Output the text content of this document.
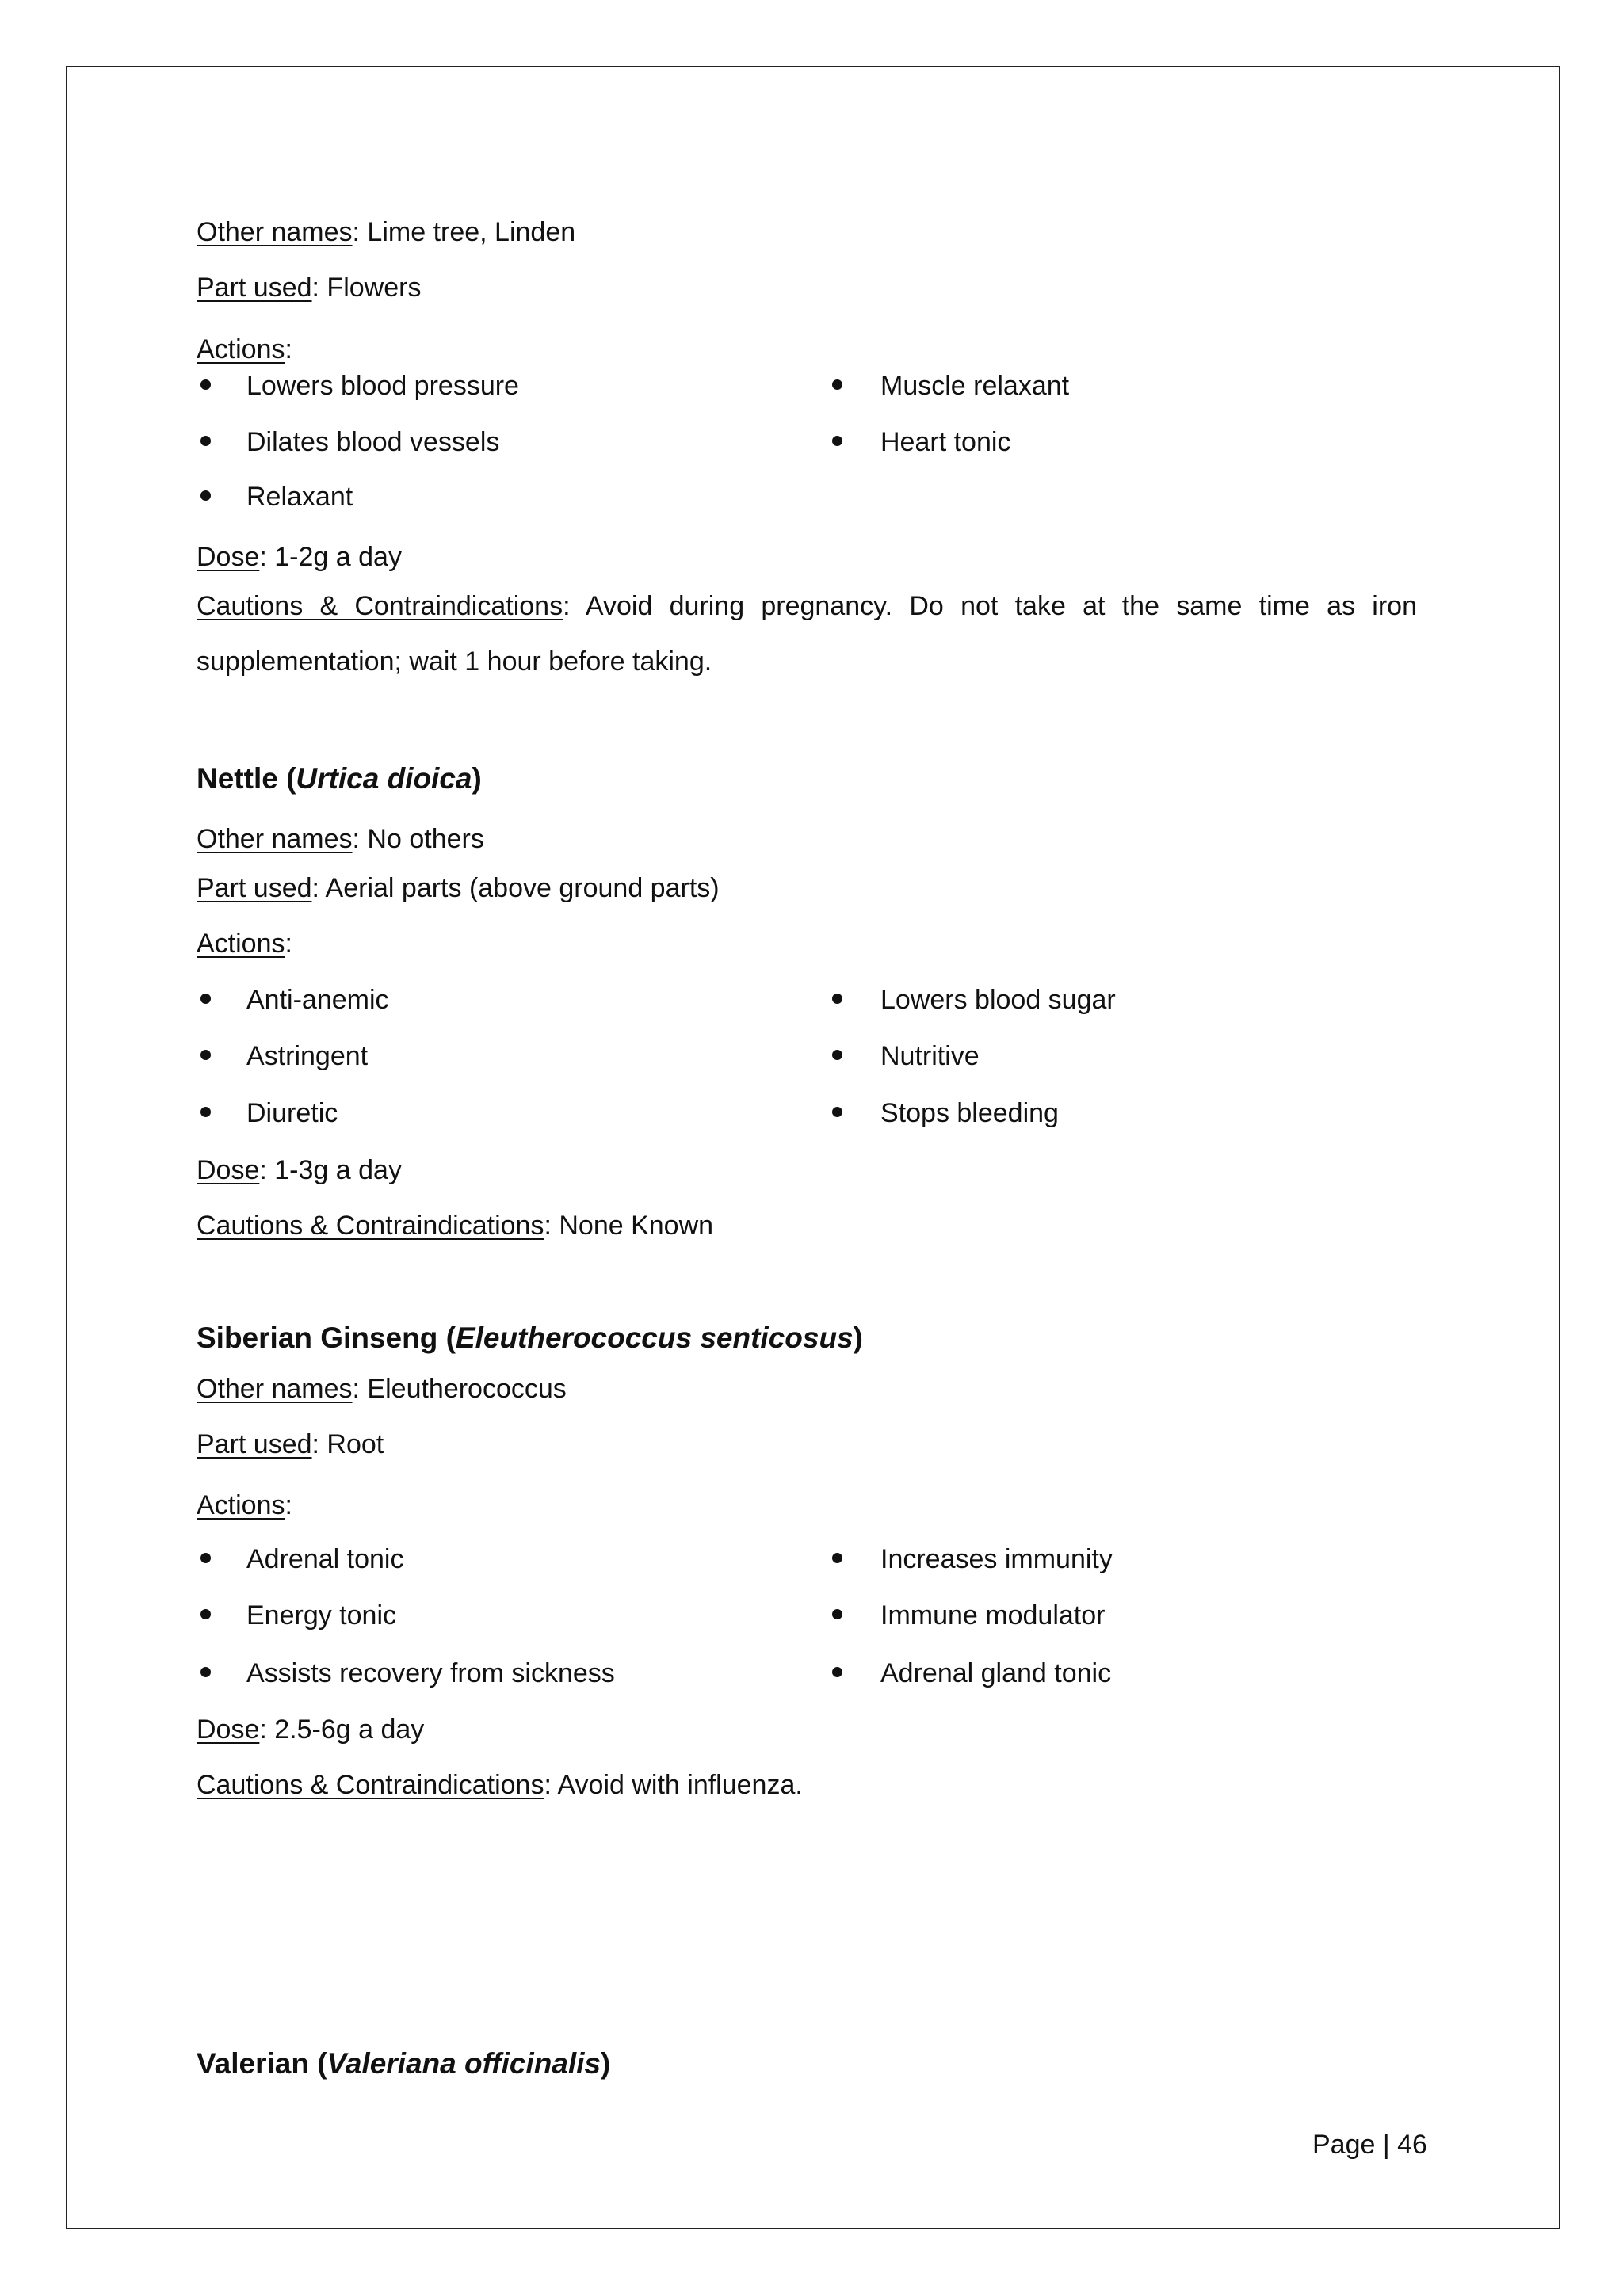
Other names: Lime tree, Linden
Part used: Flowers
Actions:
Lowers blood pressure
Dilates blood vessels
Relaxant
Muscle relaxant
Heart tonic
Dose: 1-2g a day
Cautions & Contraindications: Avoid during pregnancy. Do not take at the same time as iron
supplementation; wait 1 hour before taking.
Nettle (Urtica dioica)
Other names: No others
Part used: Aerial parts (above ground parts)
Actions:
Anti-anemic
Astringent
Diuretic
Lowers blood sugar
Nutritive
Stops bleeding
Dose: 1-3g a day
Cautions & Contraindications: None Known
Siberian Ginseng (Eleutherococcus senticosus)
Other names: Eleutherococcus
Part used: Root
Actions:
Adrenal tonic
Energy tonic
Assists recovery from sickness
Increases immunity
Immune modulator
Adrenal gland tonic
Dose: 2.5-6g a day
Cautions & Contraindications: Avoid with influenza.
Valerian (Valeriana officinalis)
Page | 46
